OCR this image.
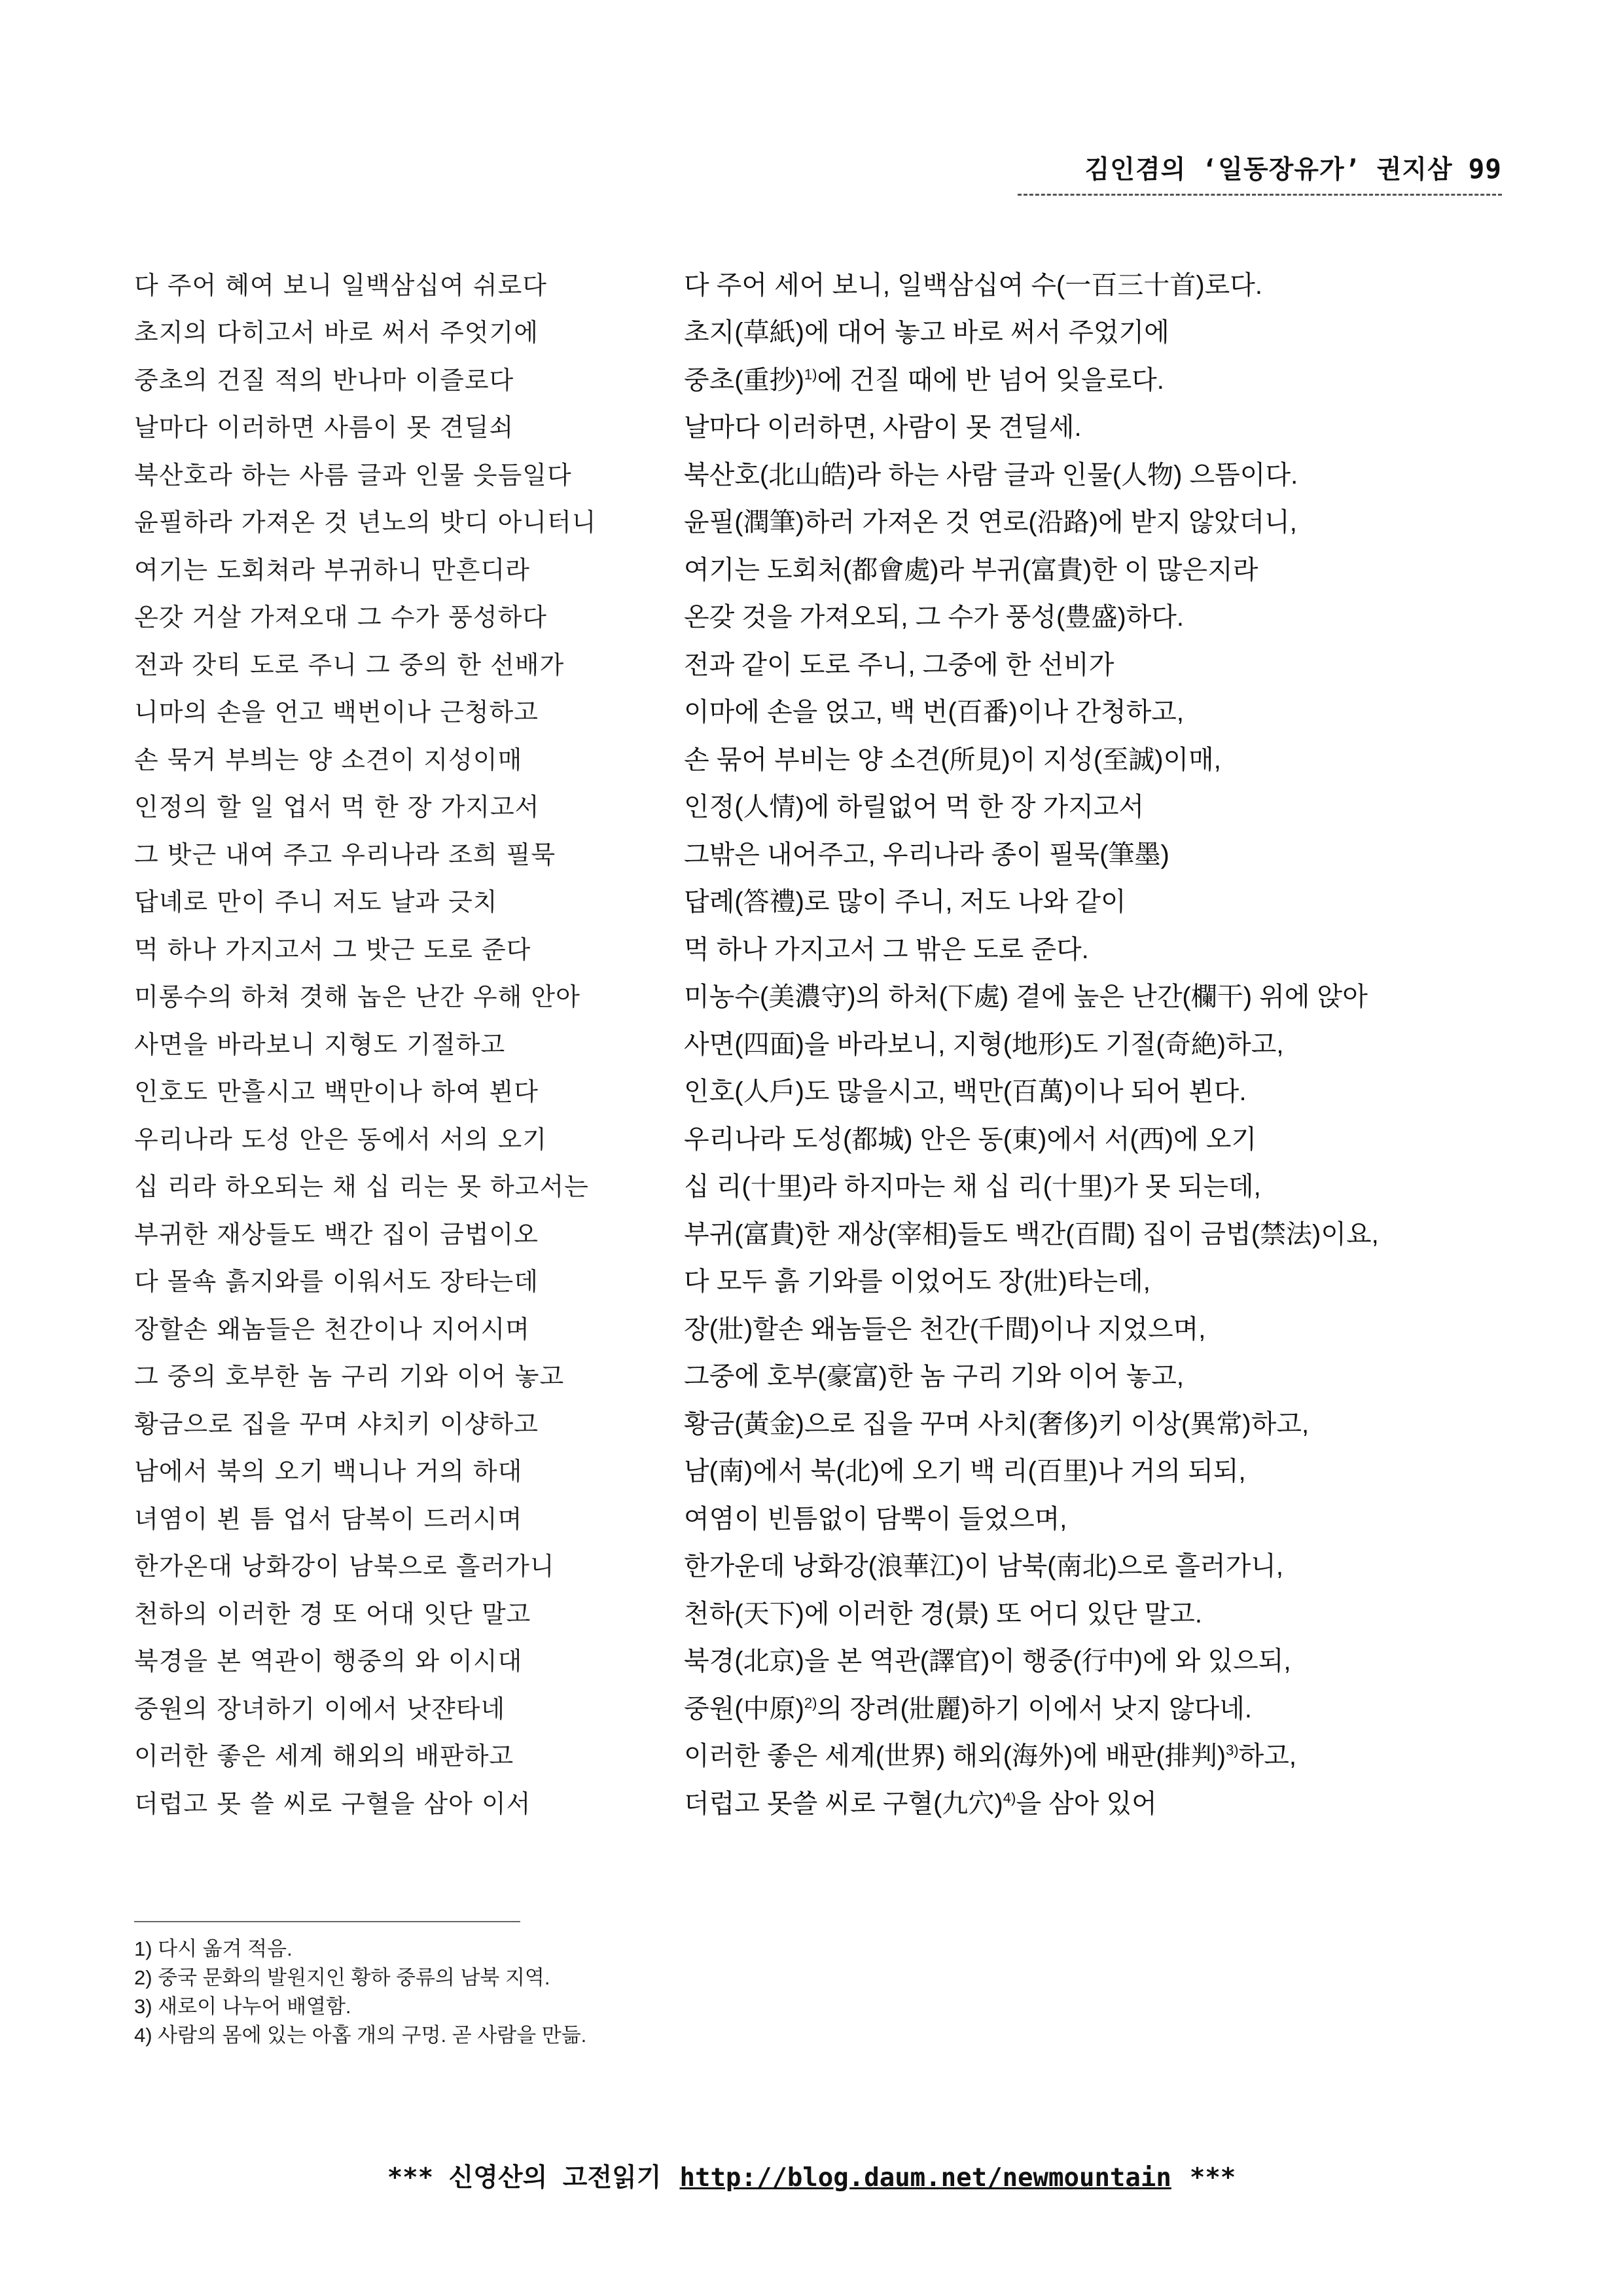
김인겸의 ‘일동장유가’ 권지삼 99
다 주어 혜여 보니 일백삼십여 쉬로다	다 주어 세어 보니, 일백삼십여 수(一百三十首)로다.
초지의 다히고서 바로 써서 주엇기에	초지(草紙)에 대어 놓고 바로 써서 주었기에
중초의 건질 적의 반나마 이즐로다	중초(重抄)$^{1)}$에 건질 때에 반 넘어 잊을로다.
날마다 이러하면 사름이 못 견딜쇠	날마다 이러하면, 사람이 못 견딜세.
북산호라 하는 사름 글과 인물 읏듬일다	북산호(北山皓)라 하는 사람 글과 인물(人物) 으뜸이다.
윤필하라 가져온 것 년노의 밧디 아니터니	윤필(潤筆)하러 가져온 것 연로(沿路)에 받지 않았더니,
여기는 도회쳐라 부귀하니 만흔디라	여기는 도회처(都會處)라 부귀(富貴)한 이 많은지라
온갓 거살 가져오대 그 수가 풍성하다	온갖 것을 가져오되, 그 수가 풍성(豊盛)하다.
전과 갓티 도로 주니 그 중의 한 선배가	전과 같이 도로 주니, 그중에 한 선비가
니마의 손을 언고 백번이나 근청하고	이마에 손을 얹고, 백 번(百番)이나 간청하고,
손 묵거 부븨는 양 소견이 지성이매	손 묶어 부비는 양 소견(所見)이 지성(至誠)이매,
인정의 할 일 업서 먹 한 장 가지고서	인정(人情)에 하릴없어 먹 한 장 가지고서
그 밧근 내여 주고 우리나라 조희 필묵	그밖은 내어주고, 우리나라 종이 필묵(筆墨)
답녜로 만이 주니 저도 날과 긋치	답례(答禮)로 많이 주니, 저도 나와 같이
먹 하나 가지고서 그 밧근 도로 준다	먹 하나 가지고서 그 밖은 도로 준다.
미롱수의 하쳐 겻해 놉은 난간 우해 안아	미농수(美濃守)의 하처(下處) 곁에 높은 난간(欄干) 위에 앉아
사면을 바라보니 지형도 기절하고	사면(四面)을 바라보니, 지형(地形)도 기절(奇絶)하고,
인호도 만흘시고 백만이나 하여 뵌다	인호(人戶)도 많을시고, 백만(百萬)이나 되어 뵌다.
우리나라 도성 안은 동에서 서의 오기	우리나라 도성(都城) 안은 동(東)에서 서(西)에 오기
십 리라 하오되는 채 십 리는 못 하고서는	십 리(十里)라 하지마는 채 십 리(十里)가 못 되는데,
부귀한 재상들도 백간 집이 금법이오	부귀(富貴)한 재상(宰相)들도 백간(百間) 집이 금법(禁法)이요,
다 몰쇽 흙지와를 이워서도 장타는데	다 모두 흙 기와를 이었어도 장(壯)타는데,
장할손 왜놈들은 천간이나 지어시며	장(壯)할손 왜놈들은 천간(千間)이나 지었으며,
그 중의 호부한 놈 구리 기와 이어 놓고	그중에 호부(豪富)한 놈 구리 기와 이어 놓고,
황금으로 집을 꾸며 샤치키 이샹하고	황금(黃金)으로 집을 꾸며 사치(奢侈)키 이상(異常)하고,
남에서 북의 오기 백니나 거의 하대	남(南)에서 북(北)에 오기 백 리(百里)나 거의 되되,
녀염이 뵌 틈 업서 담복이 드러시며	여염이 빈틈없이 담뿍이 들었으며,
한가온대 낭화강이 남북으로 흘러가니	한가운데 낭화강(浪華江)이 남북(南北)으로 흘러가니,
천하의 이러한 경 또 어대 잇단 말고	천하(天下)에 이러한 경(景) 또 어디 있단 말고.
북경을 본 역관이 행중의 와 이시대	북경(北京)을 본 역관(譯官)이 행중(行中)에 와 있으되,
중원의 장녀하기 이에서 낫쟌타네	중원(中原)$^{2)}$의 장려(壯麗)하기 이에서 낫지 않다네.
이러한 좋은 세계 해외의 배판하고	이러한 좋은 세계(世界) 해외(海外)에 배판(排判)$^{3)}$하고,
더럽고 못 쓸 씨로 구혈을 삼아 이서	더럽고 못쓸 씨로 구혈(九穴)$^{4)}$을 삼아 있어
1) 다시 옮겨 적음.
2) 중국 문화의 발원지인 황하 중류의 남북 지역.
3) 새로이 나누어 배열함.
4) 사람의 몸에 있는 아홉 개의 구멍. 곧 사람을 만듦.
*** 신영산의 고전읽기 http://blog.daum.net/newmountain ***
